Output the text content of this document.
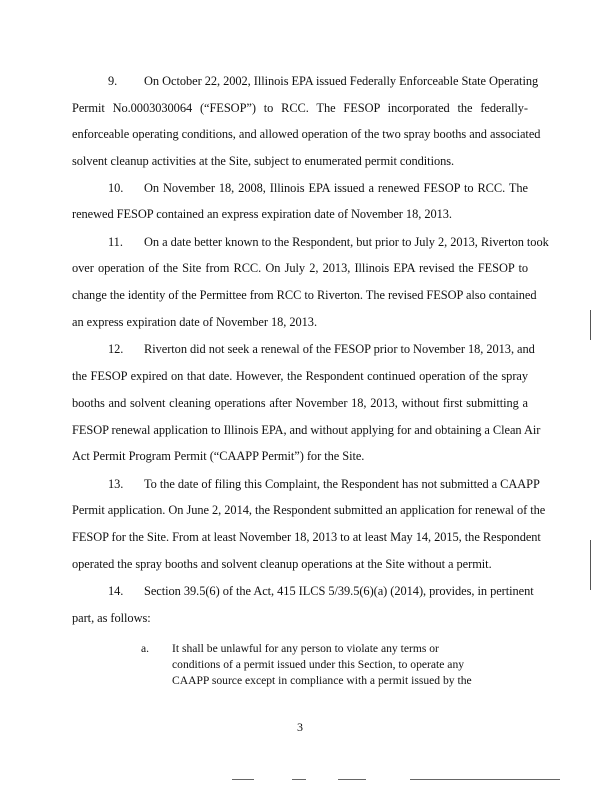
9. On October 22, 2002, Illinois EPA issued Federally Enforceable State Operating
Permit No.0003030064 (“FESOP”) to RCC. The FESOP incorporated the federally-
enforceable operating conditions, and allowed operation of the two spray booths and associated
solvent cleanup activities at the Site, subject to enumerated permit conditions.
10. On November 18, 2008, Illinois EPA issued a renewed FESOP to RCC. The
renewed FESOP contained an express expiration date of November 18, 2013.
11. On a date better known to the Respondent, but prior to July 2, 2013, Riverton took
over operation of the Site from RCC. On July 2, 2013, Illinois EPA revised the FESOP to
change the identity of the Permittee from RCC to Riverton. The revised FESOP also contained
an express expiration date of November 18, 2013.
12. Riverton did not seek a renewal of the FESOP prior to November 18, 2013, and
the FESOP expired on that date. However, the Respondent continued operation of the spray
booths and solvent cleaning operations after November 18, 2013, without first submitting a
FESOP renewal application to Illinois EPA, and without applying for and obtaining a Clean Air
Act Permit Program Permit (“CAAPP Permit”) for the Site.
13. To the date of filing this Complaint, the Respondent has not submitted a CAAPP
Permit application. On June 2, 2014, the Respondent submitted an application for renewal of the
FESOP for the Site. From at least November 18, 2013 to at least May 14, 2015, the Respondent
operated the spray booths and solvent cleanup operations at the Site without a permit.
14. Section 39.5(6) of the Act, 415 ILCS 5/39.5(6)(a) (2014), provides, in pertinent
part, as follows:
a. It shall be unlawful for any person to violate any terms or
conditions of a permit issued under this Section, to operate any
CAAPP source except in compliance with a permit issued by the
3
